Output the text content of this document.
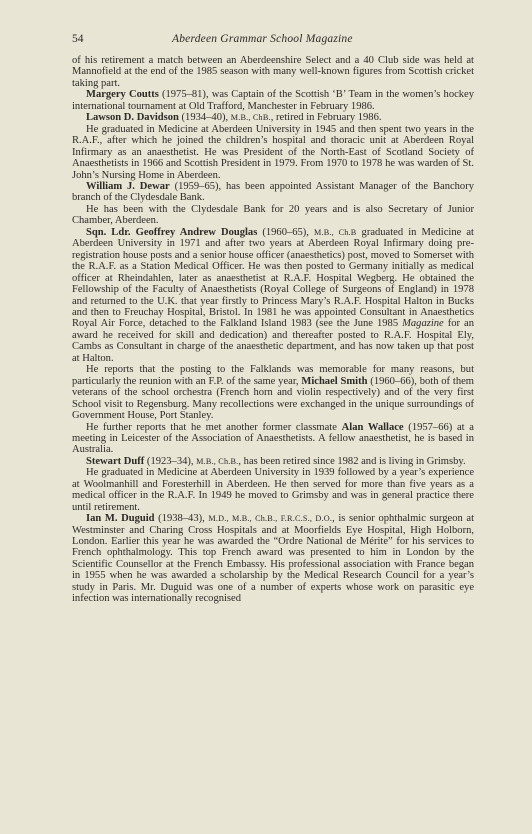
54	Aberdeen Grammar School Magazine

of his retirement a match between an Aberdeenshire Select and a 40 Club side was held at Mannofield at the end of the 1985 season with many well-known figures from Scottish cricket taking part.

Margery Coutts (1975–81), was Captain of the Scottish ‘B’ Team in the women’s hockey international tournament at Old Trafford, Manchester in February 1986.

Lawson D. Davidson (1934–40), M.B., ChB., retired in February 1986.

He graduated in Medicine at Aberdeen University in 1945 and then spent two years in the R.A.F., after which he joined the children’s hospital and thoracic unit at Aberdeen Royal Infirmary as an anaesthetist. He was President of the North-East of Scotland Society of Anaesthetists in 1966 and Scottish President in 1979. From 1970 to 1978 he was warden of St. John’s Nursing Home in Aberdeen.

William J. Dewar (1959–65), has been appointed Assistant Manager of the Banchory branch of the Clydesdale Bank.

He has been with the Clydesdale Bank for 20 years and is also Secretary of Junior Chamber, Aberdeen.

Sqn. Ldr. Geoffrey Andrew Douglas (1960–65), M.B., Ch.B graduated in Medicine at Aberdeen University in 1971 and after two years at Aberdeen Royal Infirmary doing pre-registration house posts and a senior house officer (anaesthetics) post, moved to Somerset with the R.A.F. as a Station Medical Officer. He was then posted to Germany initially as medical officer at Rheindahlen, later as anaesthetist at R.A.F. Hospital Wegberg. He obtained the Fellowship of the Faculty of Anaesthetists (Royal College of Surgeons of England) in 1978 and returned to the U.K. that year firstly to Princess Mary’s R.A.F. Hospital Halton in Bucks and then to Freuchay Hospital, Bristol. In 1981 he was appointed Consultant in Anaesthetics Royal Air Force, detached to the Falkland Island 1983 (see the June 1985 Magazine for an award he received for skill and dedication) and thereafter posted to R.A.F. Hospital Ely, Cambs as Consultant in charge of the anaesthetic department, and has now taken up that post at Halton.

He reports that the posting to the Falklands was memorable for many reasons, but particularly the reunion with an F.P. of the same year, Michael Smith (1960–66), both of them veterans of the school orchestra (French horn and violin respectively) and of the very first School visit to Regensburg. Many recollections were exchanged in the unique surroundings of Government House, Port Stanley.

He further reports that he met another former classmate Alan Wallace (1957–66) at a meeting in Leicester of the Association of Anaesthetists. A fellow anaesthetist, he is based in Australia.

Stewart Duff (1923–34), M.B., Ch.B., has been retired since 1982 and is living in Grimsby.

He graduated in Medicine at Aberdeen University in 1939 followed by a year’s experience at Woolmanhill and Foresterhill in Aberdeen. He then served for more than five years as a medical officer in the R.A.F. In 1949 he moved to Grimsby and was in general practice there until retirement.

Ian M. Duguid (1938–43), M.D., M.B., Ch.B., F.R.C.S., D.O., is senior ophthalmic surgeon at Westminster and Charing Cross Hospitals and at Moorfields Eye Hospital, High Holborn, London. Earlier this year he was awarded the “Ordre National de Mérite” for his services to French ophthalmology. This top French award was presented to him in London by the Scientific Counsellor at the French Embassy. His professional association with France began in 1955 when he was awarded a scholarship by the Medical Research Council for a year’s study in Paris. Mr. Duguid was one of a number of experts whose work on parasitic eye infection was internationally recognised
